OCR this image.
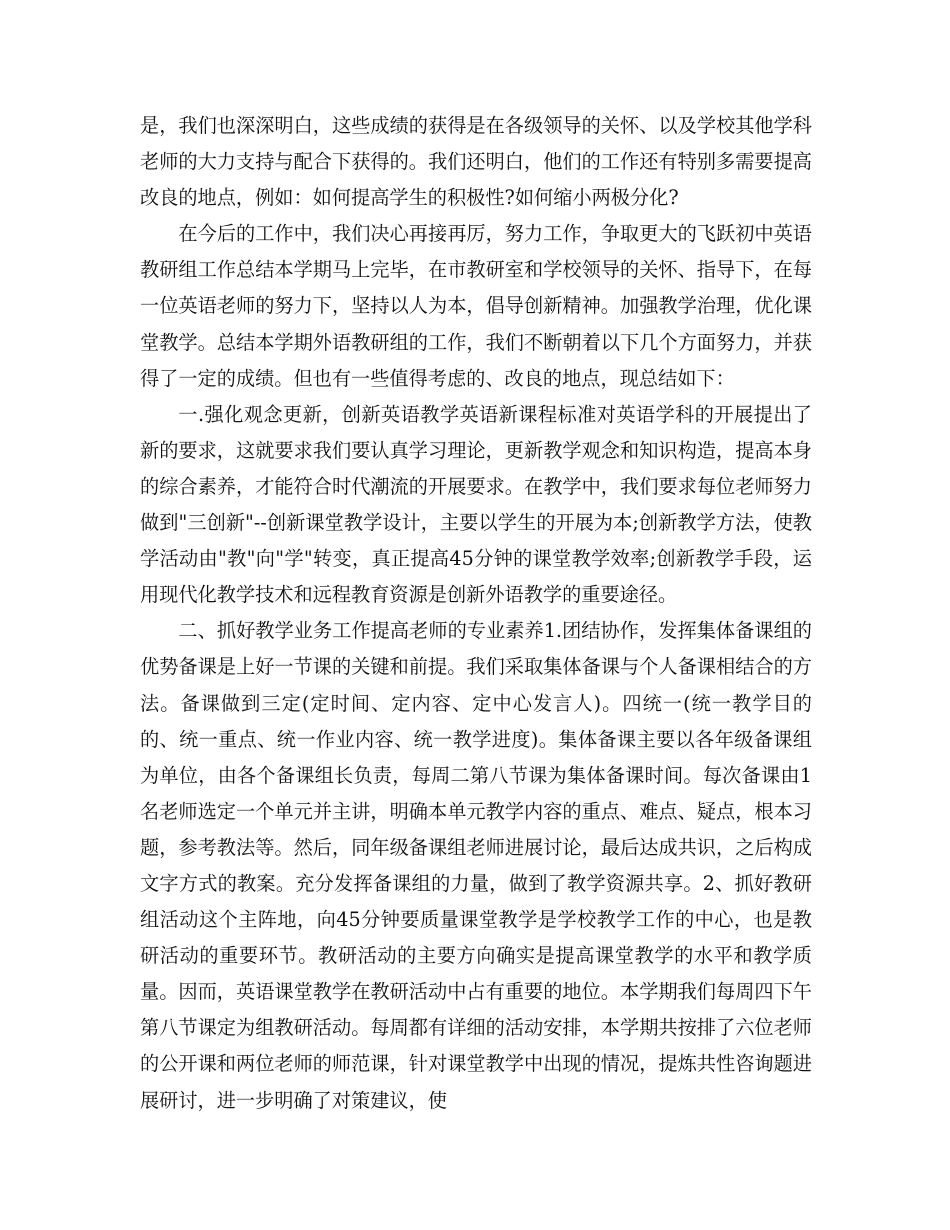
是，我们也深深明白，这些成绩的获得是在各级领导的关怀、以及学校其他学科老师的大力支持与配合下获得的。我们还明白，他们的工作还有特别多需要提高改良的地点，例如：如何提高学生的积极性?如何缩小两极分化?

在今后的工作中，我们决心再接再厉，努力工作，争取更大的飞跃初中英语教研组工作总结本学期马上完毕，在市教研室和学校领导的关怀、指导下，在每一位英语老师的努力下，坚持以人为本，倡导创新精神。加强教学治理，优化课堂教学。总结本学期外语教研组的工作，我们不断朝着以下几个方面努力，并获得了一定的成绩。但也有一些值得考虑的、改良的地点，现总结如下：

一.强化观念更新，创新英语教学英语新课程标准对英语学科的开展提出了新的要求，这就要求我们要认真学习理论，更新教学观念和知识构造，提高本身的综合素养，才能符合时代潮流的开展要求。在教学中，我们要求每位老师努力做到"三创新"--创新课堂教学设计，主要以学生的开展为本;创新教学方法，使教学活动由"教"向"学"转变，真正提高45分钟的课堂教学效率;创新教学手段，运用现代化教学技术和远程教育资源是创新外语教学的重要途径。

二、抓好教学业务工作提高老师的专业素养1.团结协作，发挥集体备课组的优势备课是上好一节课的关键和前提。我们采取集体备课与个人备课相结合的方法。备课做到三定(定时间、定内容、定中心发言人)。四统一(统一教学目的的、统一重点、统一作业内容、统一教学进度)。集体备课主要以各年级备课组为单位，由各个备课组长负责，每周二第八节课为集体备课时间。每次备课由1名老师选定一个单元并主讲，明确本单元教学内容的重点、难点、疑点，根本习题，参考教法等。然后，同年级备课组老师进展讨论，最后达成共识，之后构成文字方式的教案。充分发挥备课组的力量，做到了教学资源共享。2、抓好教研组活动这个主阵地，向45分钟要质量课堂教学是学校教学工作的中心，也是教研活动的重要环节。教研活动的主要方向确实是提高课堂教学的水平和教学质量。因而，英语课堂教学在教研活动中占有重要的地位。本学期我们每周四下午第八节课定为组教研活动。每周都有详细的活动安排，本学期共按排了六位老师的公开课和两位老师的师范课，针对课堂教学中出现的情况，提炼共性咨询题进展研讨，进一步明确了对策建议，使
